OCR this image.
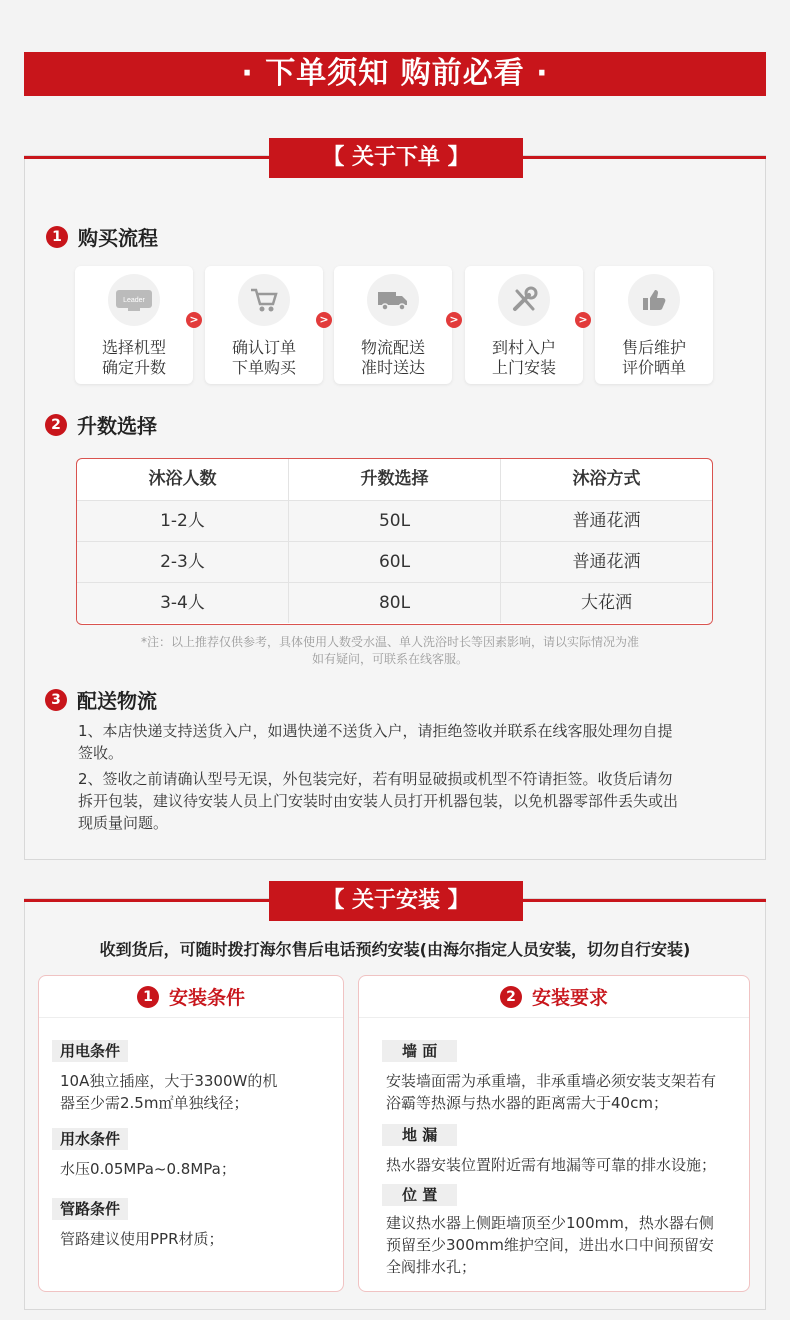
· 下单须知 购前必看 ·
【 关于下单 】
1 购买流程
Leader
选择机型
确定升数
>
确认订单
下单购买
>
物流配送
准时送达
>
到村入户
上门安装
>
售后维护
评价晒单
2 升数选择
沐浴人数	升数选择	沐浴方式
1-2人	50L	普通花洒
2-3人	60L	普通花洒
3-4人	80L	大花洒
*注：以上推荐仅供参考，具体使用人数受水温、单人洗浴时长等因素影响，请以实际情况为准
如有疑问，可联系在线客服。
3 配送物流
1、本店快递支持送货入户，如遇快递不送货入户，请拒绝签收并联系在线客服处理勿自提签收。
2、签收之前请确认型号无误，外包装完好，若有明显破损或机型不符请拒签。收货后请勿拆开包装，建议待安装人员上门安装时由安装人员打开机器包装，以免机器零部件丢失或出现质量问题。
【 关于安装 】
收到货后，可随时拨打海尔售后电话预约安装(由海尔指定人员安装，切勿自行安装)
1 安装条件
用电条件
10A独立插座，大于3300W的机器至少需2.5m㎡单独线径；
用水条件
水压0.05MPa~0.8MPa；
管路条件
管路建议使用PPR材质；
2 安装要求
墙 面
安装墙面需为承重墙，非承重墙必须安装支架若有浴霸等热源与热水器的距离需大于40cm；
地 漏
热水器安装位置附近需有地漏等可靠的排水设施；
位 置
建议热水器上侧距墙顶至少100mm，热水器右侧预留至少300mm维护空间，进出水口中间预留安全阀排水孔；
